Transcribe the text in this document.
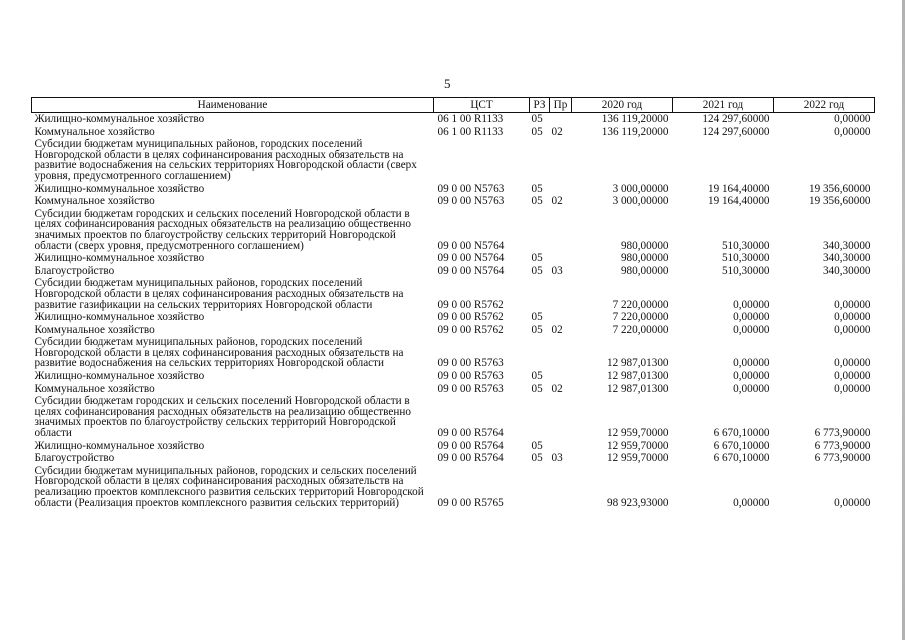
5
Наименование	ЦСТ	РЗ	Пр	2020 год	2021 год	2022 год
Жилищно-коммунальное хозяйство	06 1 00 R1133	05		136 119,20000	124 297,60000	0,00000
Коммунальное хозяйство	06 1 00 R1133	05	02	136 119,20000	124 297,60000	0,00000
Субсидии бюджетам муниципальных районов, городских поселений Новгородской области в целях софинансирования расходных обязательств на развитие водоснабжения на сельских территориях Новгородской области (сверх уровня, предусмотренного соглашением)						
Жилищно-коммунальное хозяйство	09 0 00 N5763	05		3 000,00000	19 164,40000	19 356,60000
Коммунальное хозяйство	09 0 00 N5763	05	02	3 000,00000	19 164,40000	19 356,60000
Субсидии бюджетам городских и сельских поселений Новгородской области в целях софинансирования расходных обязательств на реализацию общественно значимых проектов по благоустройству сельских территорий Новгородской области (сверх уровня, предусмотренного соглашением)	09 0 00 N5764			980,00000	510,30000	340,30000
Жилищно-коммунальное хозяйство	09 0 00 N5764	05		980,00000	510,30000	340,30000
Благоустройство	09 0 00 N5764	05	03	980,00000	510,30000	340,30000
Субсидии бюджетам муниципальных районов, городских поселений Новгородской области в целях софинансирования расходных обязательств на развитие газификации на сельских территориях Новгородской области	09 0 00 R5762			7 220,00000	0,00000	0,00000
Жилищно-коммунальное хозяйство	09 0 00 R5762	05		7 220,00000	0,00000	0,00000
Коммунальное хозяйство	09 0 00 R5762	05	02	7 220,00000	0,00000	0,00000
Субсидии бюджетам муниципальных районов, городских поселений Новгородской области в целях софинансирования расходных обязательств на развитие водоснабжения на сельских территориях Новгородской области	09 0 00 R5763			12 987,01300	0,00000	0,00000
Жилищно-коммунальное хозяйство	09 0 00 R5763	05		12 987,01300	0,00000	0,00000
Коммунальное хозяйство	09 0 00 R5763	05	02	12 987,01300	0,00000	0,00000
Субсидии бюджетам городских и сельских поселений Новгородской области в целях софинансирования расходных обязательств на реализацию общественно значимых проектов по благоустройству сельских территорий Новгородской области	09 0 00 R5764			12 959,70000	6 670,10000	6 773,90000
Жилищно-коммунальное хозяйство	09 0 00 R5764	05		12 959,70000	6 670,10000	6 773,90000
Благоустройство	09 0 00 R5764	05	03	12 959,70000	6 670,10000	6 773,90000
Субсидии бюджетам муниципальных районов, городских и сельских поселений Новгородской области в целях софинансирования расходных обязательств на реализацию проектов комплексного развития сельских территорий Новгородской области (Реализация проектов комплексного развития сельских территорий)	09 0 00 R5765			98 923,93000	0,00000	0,00000
